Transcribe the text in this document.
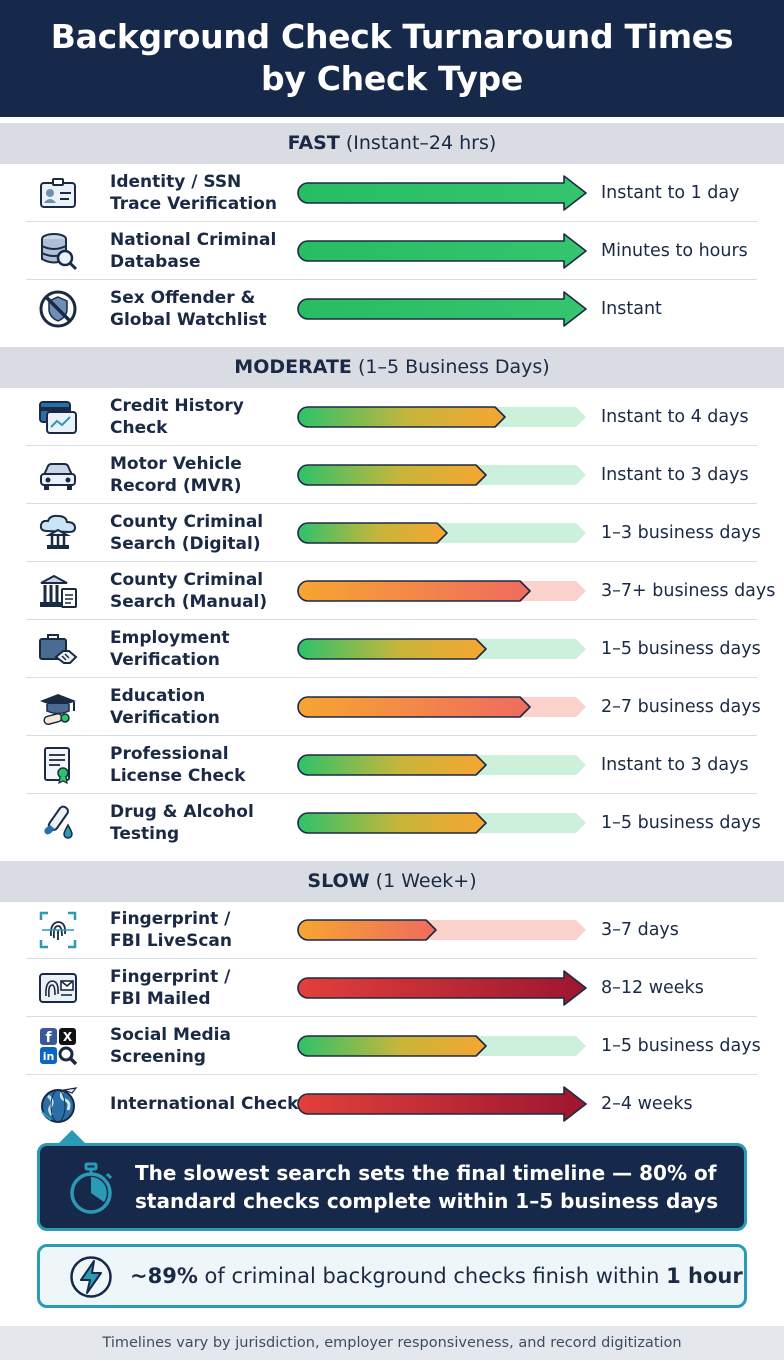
Background Check Turnaround Times
by Check Type
FAST (Instant–24 hrs)
MODERATE (1–5 Business Days)
SLOW (1 Week+)
Identity / SSN
Trace Verification
Instant to 1 day
National Criminal
Database
Minutes to hours
Sex Offender &
Global Watchlist
Instant
Credit History
Check
Instant to 4 days
Motor Vehicle
Record (MVR)
Instant to 3 days
County Criminal
Search (Digital)
1–3 business days
County Criminal
Search (Manual)
3–7+ business days
Employment
Verification
1–5 business days
Education
Verification
2–7 business days
Professional
License Check
Instant to 3 days
Drug & Alcohol
Testing
1–5 business days
Fingerprint /
FBI LiveScan
3–7 days
Fingerprint /
FBI Mailed
8–12 weeks
f X
in
Social Media
Screening
1–5 business days
International Check	2–4 weeks
The slowest search sets the final timeline — 80% of standard checks complete within 1–5 business days
~89% of criminal background checks finish within 1 hour
Timelines vary by jurisdiction, employer responsiveness, and record digitization
